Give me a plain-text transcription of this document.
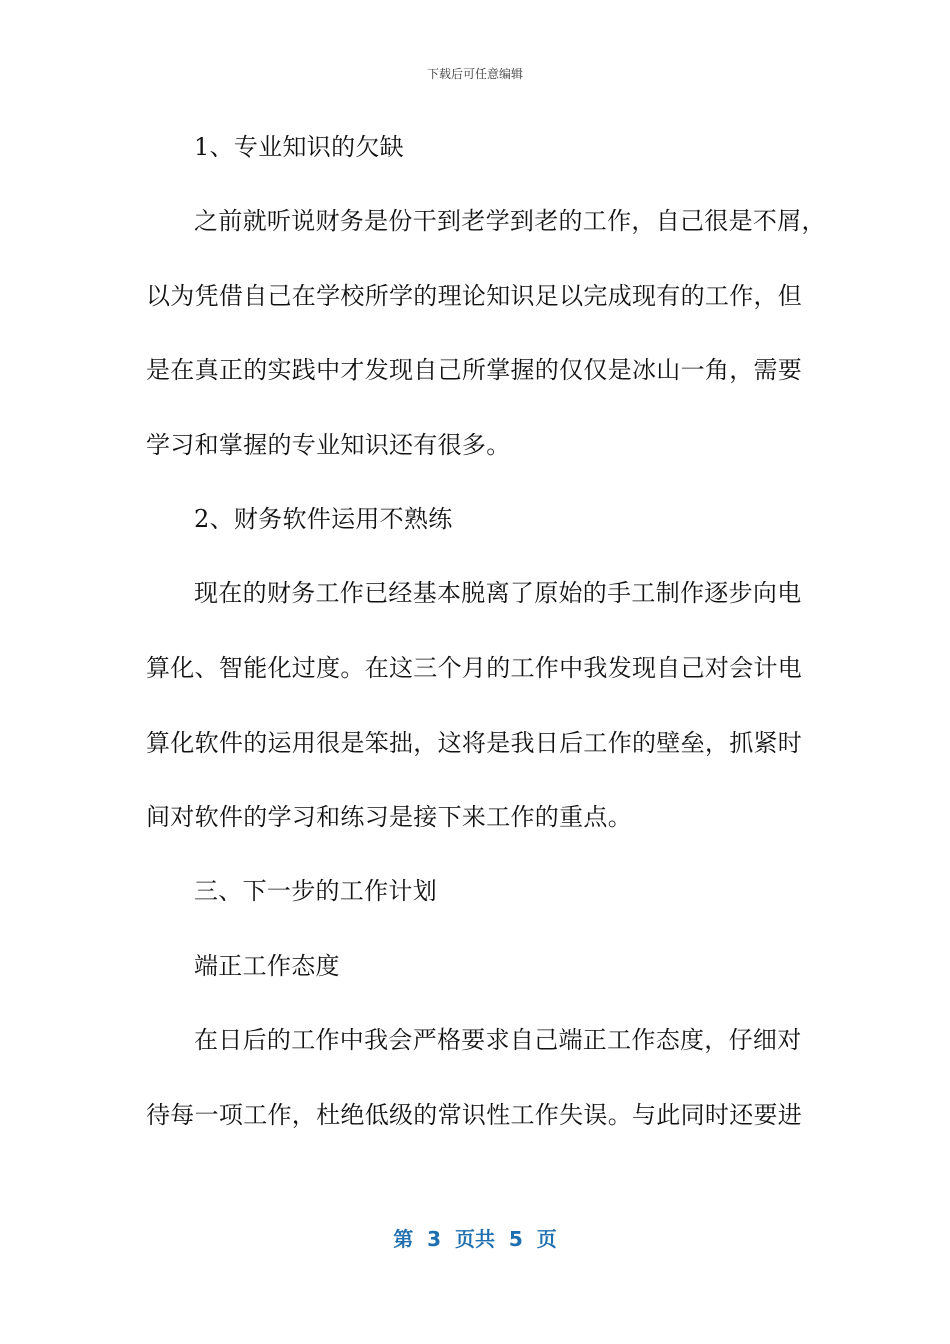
下载后可任意编辑
1、专业知识的欠缺
之前就听说财务是份干到老学到老的工作，自己很是不屑，
以为凭借自己在学校所学的理论知识足以完成现有的工作，但
是在真正的实践中才发现自己所掌握的仅仅是冰山一角，需要
学习和掌握的专业知识还有很多。
2、财务软件运用不熟练
现在的财务工作已经基本脱离了原始的手工制作逐步向电
算化、智能化过度。在这三个月的工作中我发现自己对会计电
算化软件的运用很是笨拙，这将是我日后工作的壁垒，抓紧时
间对软件的学习和练习是接下来工作的重点。
三、下一步的工作计划
端正工作态度
在日后的工作中我会严格要求自己端正工作态度，仔细对
待每一项工作，杜绝低级的常识性工作失误。与此同时还要进
第  3  页共  5  页
